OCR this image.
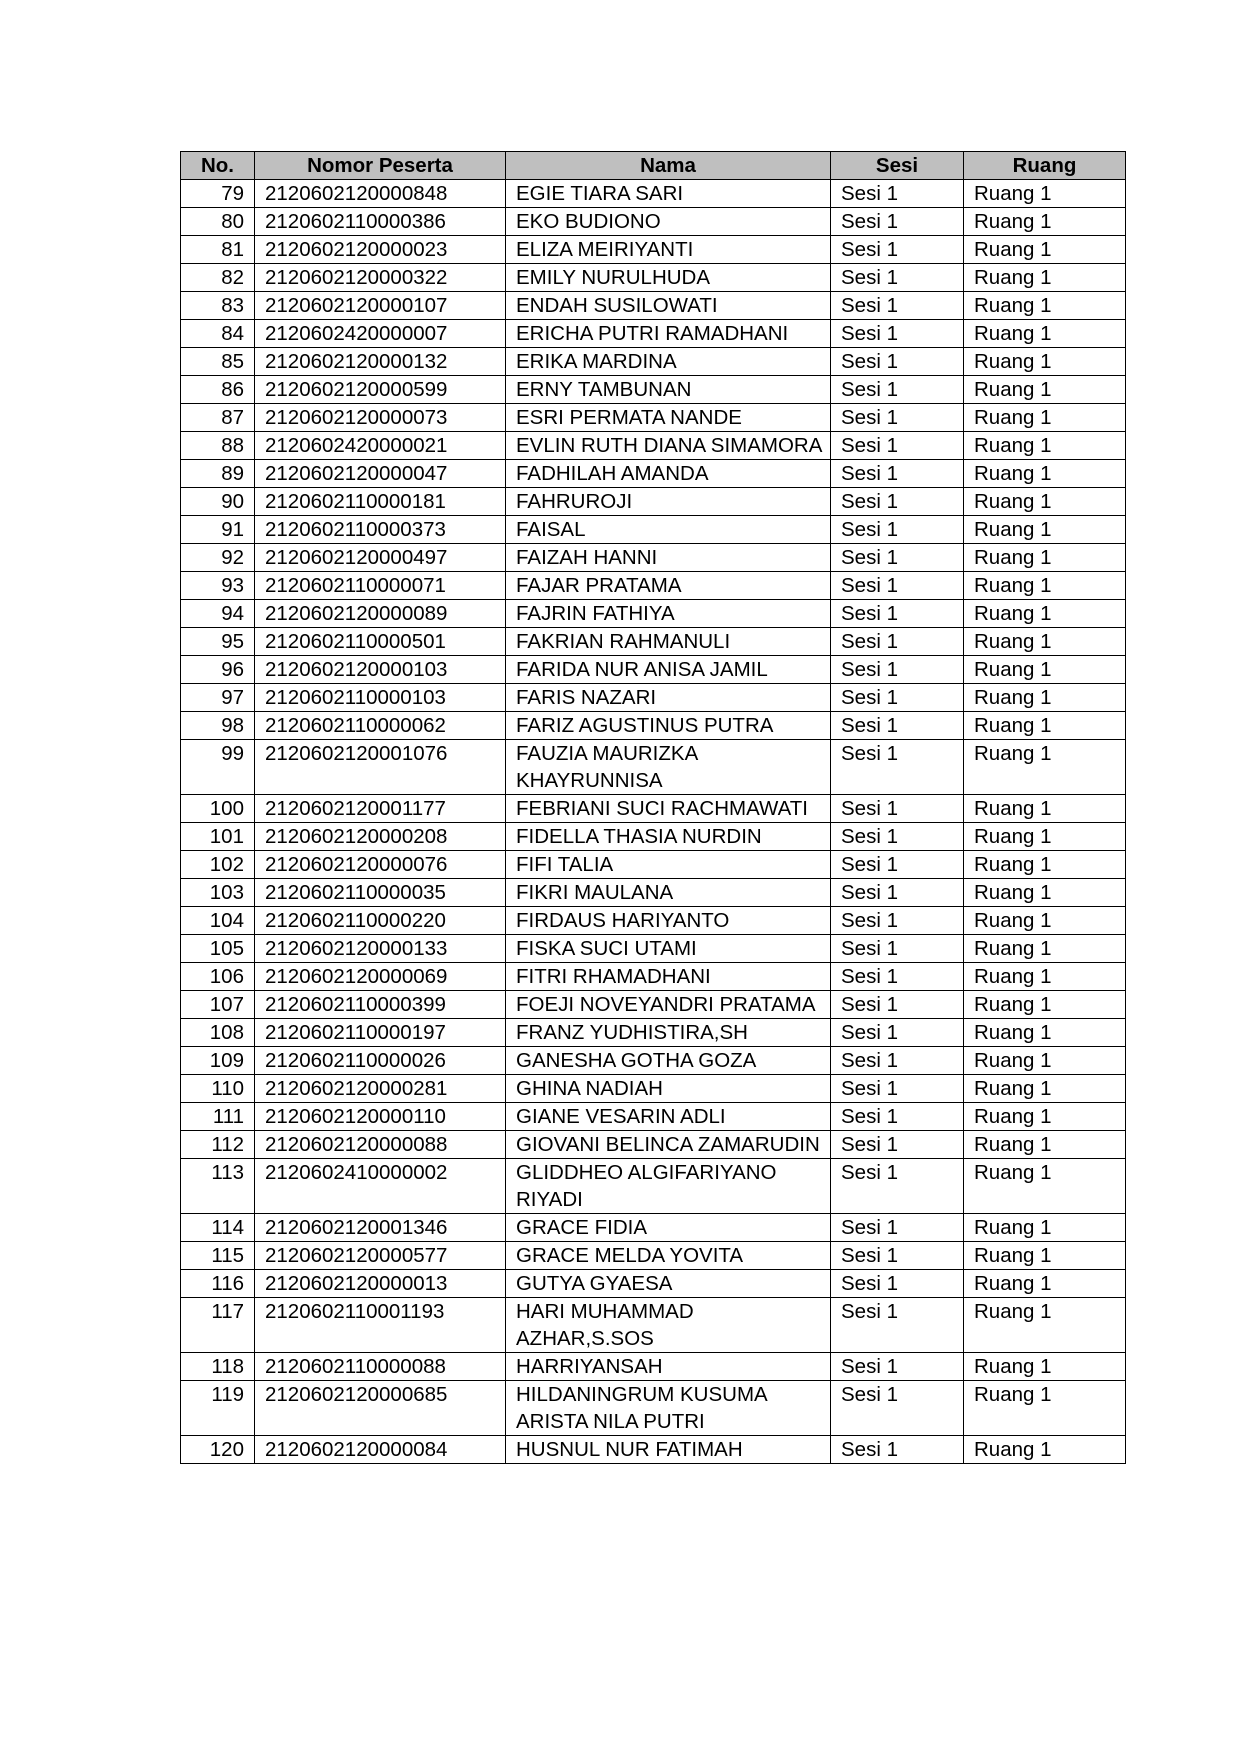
No.	Nomor Peserta	Nama	Sesi	Ruang
79	2120602120000848	EGIE TIARA SARI	Sesi 1	Ruang 1
80	2120602110000386	EKO BUDIONO	Sesi 1	Ruang 1
81	2120602120000023	ELIZA MEIRIYANTI	Sesi 1	Ruang 1
82	2120602120000322	EMILY NURULHUDA	Sesi 1	Ruang 1
83	2120602120000107	ENDAH SUSILOWATI	Sesi 1	Ruang 1
84	2120602420000007	ERICHA PUTRI RAMADHANI	Sesi 1	Ruang 1
85	2120602120000132	ERIKA MARDINA	Sesi 1	Ruang 1
86	2120602120000599	ERNY TAMBUNAN	Sesi 1	Ruang 1
87	2120602120000073	ESRI PERMATA NANDE	Sesi 1	Ruang 1
88	2120602420000021	EVLIN RUTH DIANA SIMAMORA	Sesi 1	Ruang 1
89	2120602120000047	FADHILAH AMANDA	Sesi 1	Ruang 1
90	2120602110000181	FAHRUROJI	Sesi 1	Ruang 1
91	2120602110000373	FAISAL	Sesi 1	Ruang 1
92	2120602120000497	FAIZAH HANNI	Sesi 1	Ruang 1
93	2120602110000071	FAJAR PRATAMA	Sesi 1	Ruang 1
94	2120602120000089	FAJRIN FATHIYA	Sesi 1	Ruang 1
95	2120602110000501	FAKRIAN RAHMANULI	Sesi 1	Ruang 1
96	2120602120000103	FARIDA NUR ANISA JAMIL	Sesi 1	Ruang 1
97	2120602110000103	FARIS NAZARI	Sesi 1	Ruang 1
98	2120602110000062	FARIZ AGUSTINUS PUTRA	Sesi 1	Ruang 1
99	2120602120001076	FAUZIA MAURIZKA KHAYRUNNISA	Sesi 1	Ruang 1
100	2120602120001177	FEBRIANI SUCI RACHMAWATI	Sesi 1	Ruang 1
101	2120602120000208	FIDELLA THASIA NURDIN	Sesi 1	Ruang 1
102	2120602120000076	FIFI TALIA	Sesi 1	Ruang 1
103	2120602110000035	FIKRI MAULANA	Sesi 1	Ruang 1
104	2120602110000220	FIRDAUS HARIYANTO	Sesi 1	Ruang 1
105	2120602120000133	FISKA SUCI UTAMI	Sesi 1	Ruang 1
106	2120602120000069	FITRI RHAMADHANI	Sesi 1	Ruang 1
107	2120602110000399	FOEJI NOVEYANDRI PRATAMA	Sesi 1	Ruang 1
108	2120602110000197	FRANZ YUDHISTIRA,SH	Sesi 1	Ruang 1
109	2120602110000026	GANESHA GOTHA GOZA	Sesi 1	Ruang 1
110	2120602120000281	GHINA NADIAH	Sesi 1	Ruang 1
111	2120602120000110	GIANE VESARIN ADLI	Sesi 1	Ruang 1
112	2120602120000088	GIOVANI BELINCA ZAMARUDIN	Sesi 1	Ruang 1
113	2120602410000002	GLIDDHEO ALGIFARIYANO RIYADI	Sesi 1	Ruang 1
114	2120602120001346	GRACE FIDIA	Sesi 1	Ruang 1
115	2120602120000577	GRACE MELDA YOVITA	Sesi 1	Ruang 1
116	2120602120000013	GUTYA GYAESA	Sesi 1	Ruang 1
117	2120602110001193	HARI MUHAMMAD AZHAR,S.SOS	Sesi 1	Ruang 1
118	2120602110000088	HARRIYANSAH	Sesi 1	Ruang 1
119	2120602120000685	HILDANINGRUM KUSUMA ARISTA NILA PUTRI	Sesi 1	Ruang 1
120	2120602120000084	HUSNUL NUR FATIMAH	Sesi 1	Ruang 1
